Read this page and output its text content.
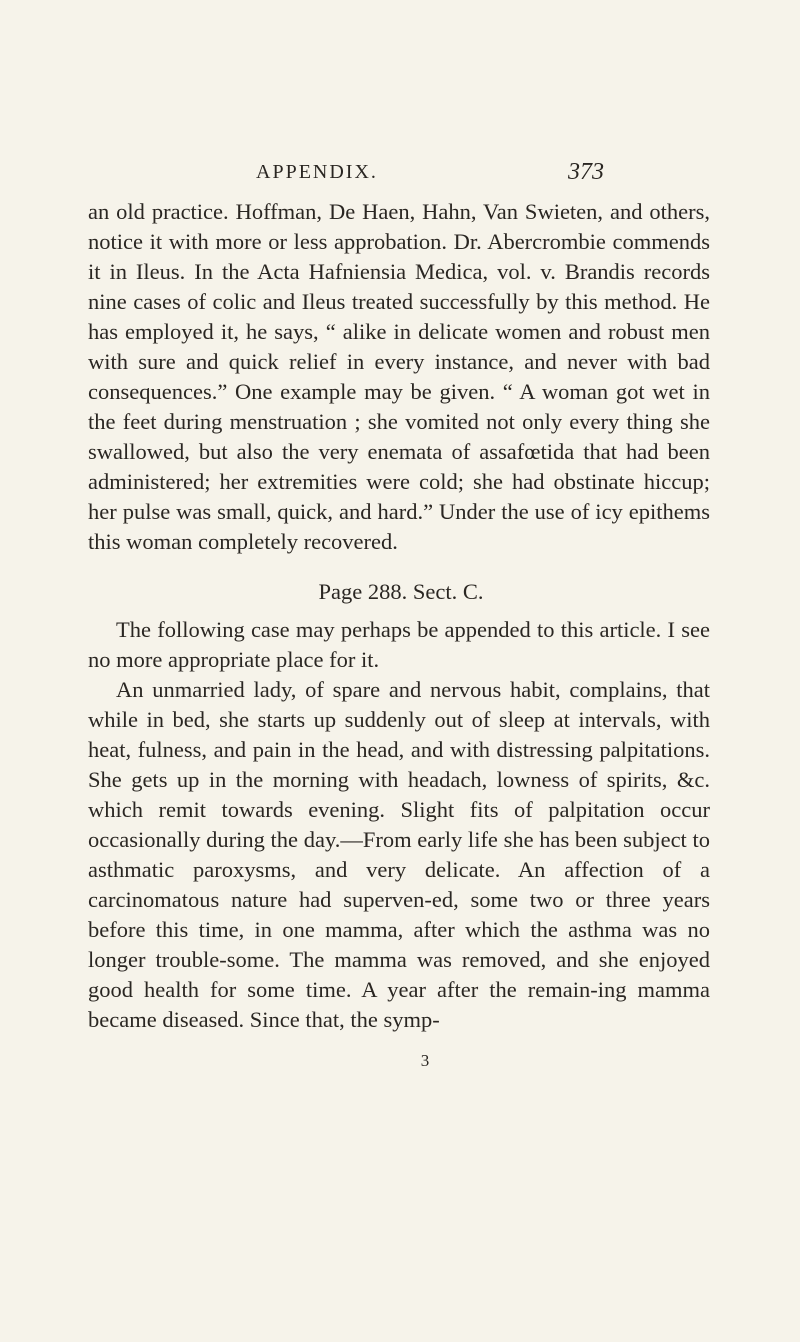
APPENDIX.	373

an old practice. Hoffman, De Haen, Hahn, Van Swieten, and others, notice it with more or less approbation. Dr. Abercrombie commends it in Ileus. In the Acta Hafniensia Medica, vol. v. Brandis records nine cases of colic and Ileus treated successfully by this method. He has employed it, he says, “ alike in delicate women and robust men with sure and quick relief in every instance, and never with bad consequences.” One example may be given. “ A woman got wet in the feet during menstruation ; she vomited not only every thing she swallowed, but also the very enemata of assafœtida that had been administered; her extremities were cold; she had obstinate hiccup; her pulse was small, quick, and hard.” Under the use of icy epithems this woman completely recovered.

Page 288. Sect. C.

The following case may perhaps be appended to this article. I see no more appropriate place for it.

An unmarried lady, of spare and nervous habit, complains, that while in bed, she starts up suddenly out of sleep at intervals, with heat, fulness, and pain in the head, and with distressing palpitations. She gets up in the morning with headach, lowness of spirits, &c. which remit towards evening. Slight fits of palpitation occur occasionally during the day.—From early life she has been subject to asthmatic paroxysms, and very delicate. An affection of a carcinomatous nature had superven-ed, some two or three years before this time, in one mamma, after which the asthma was no longer trouble-some. The mamma was removed, and she enjoyed good health for some time. A year after the remain-ing mamma became diseased. Since that, the symp-

3
